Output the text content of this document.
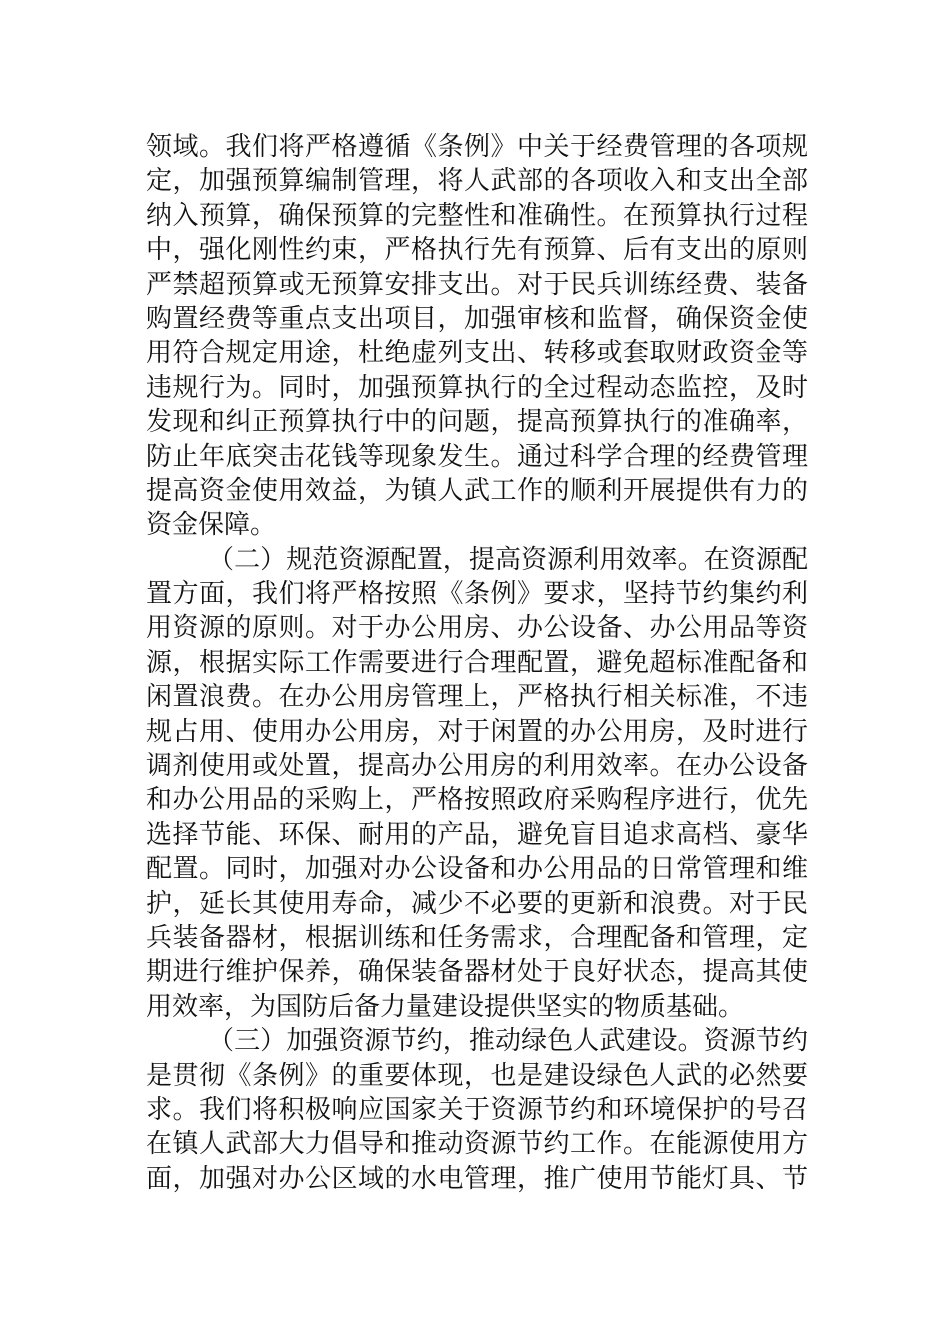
领域。我们将严格遵循《条例》中关于经费管理的各项规
定，加强预算编制管理，将人武部的各项收入和支出全部
纳入预算，确保预算的完整性和准确性。在预算执行过程
中，强化刚性约束，严格执行先有预算、后有支出的原则
严禁超预算或无预算安排支出。对于民兵训练经费、装备
购置经费等重点支出项目，加强审核和监督，确保资金使
用符合规定用途，杜绝虚列支出、转移或套取财政资金等
违规行为。同时，加强预算执行的全过程动态监控，及时
发现和纠正预算执行中的问题，提高预算执行的准确率，
防止年底突击花钱等现象发生。通过科学合理的经费管理
提高资金使用效益，为镇人武工作的顺利开展提供有力的
资金保障。
（二）规范资源配置，提高资源利用效率。在资源配
置方面，我们将严格按照《条例》要求，坚持节约集约利
用资源的原则。对于办公用房、办公设备、办公用品等资
源，根据实际工作需要进行合理配置，避免超标准配备和
闲置浪费。在办公用房管理上，严格执行相关标准，不违
规占用、使用办公用房，对于闲置的办公用房，及时进行
调剂使用或处置，提高办公用房的利用效率。在办公设备
和办公用品的采购上，严格按照政府采购程序进行，优先
选择节能、环保、耐用的产品，避免盲目追求高档、豪华
配置。同时，加强对办公设备和办公用品的日常管理和维
护，延长其使用寿命，减少不必要的更新和浪费。对于民
兵装备器材，根据训练和任务需求，合理配备和管理，定
期进行维护保养，确保装备器材处于良好状态，提高其使
用效率，为国防后备力量建设提供坚实的物质基础。
（三）加强资源节约，推动绿色人武建设。资源节约
是贯彻《条例》的重要体现，也是建设绿色人武的必然要
求。我们将积极响应国家关于资源节约和环境保护的号召
在镇人武部大力倡导和推动资源节约工作。在能源使用方
面，加强对办公区域的水电管理，推广使用节能灯具、节
